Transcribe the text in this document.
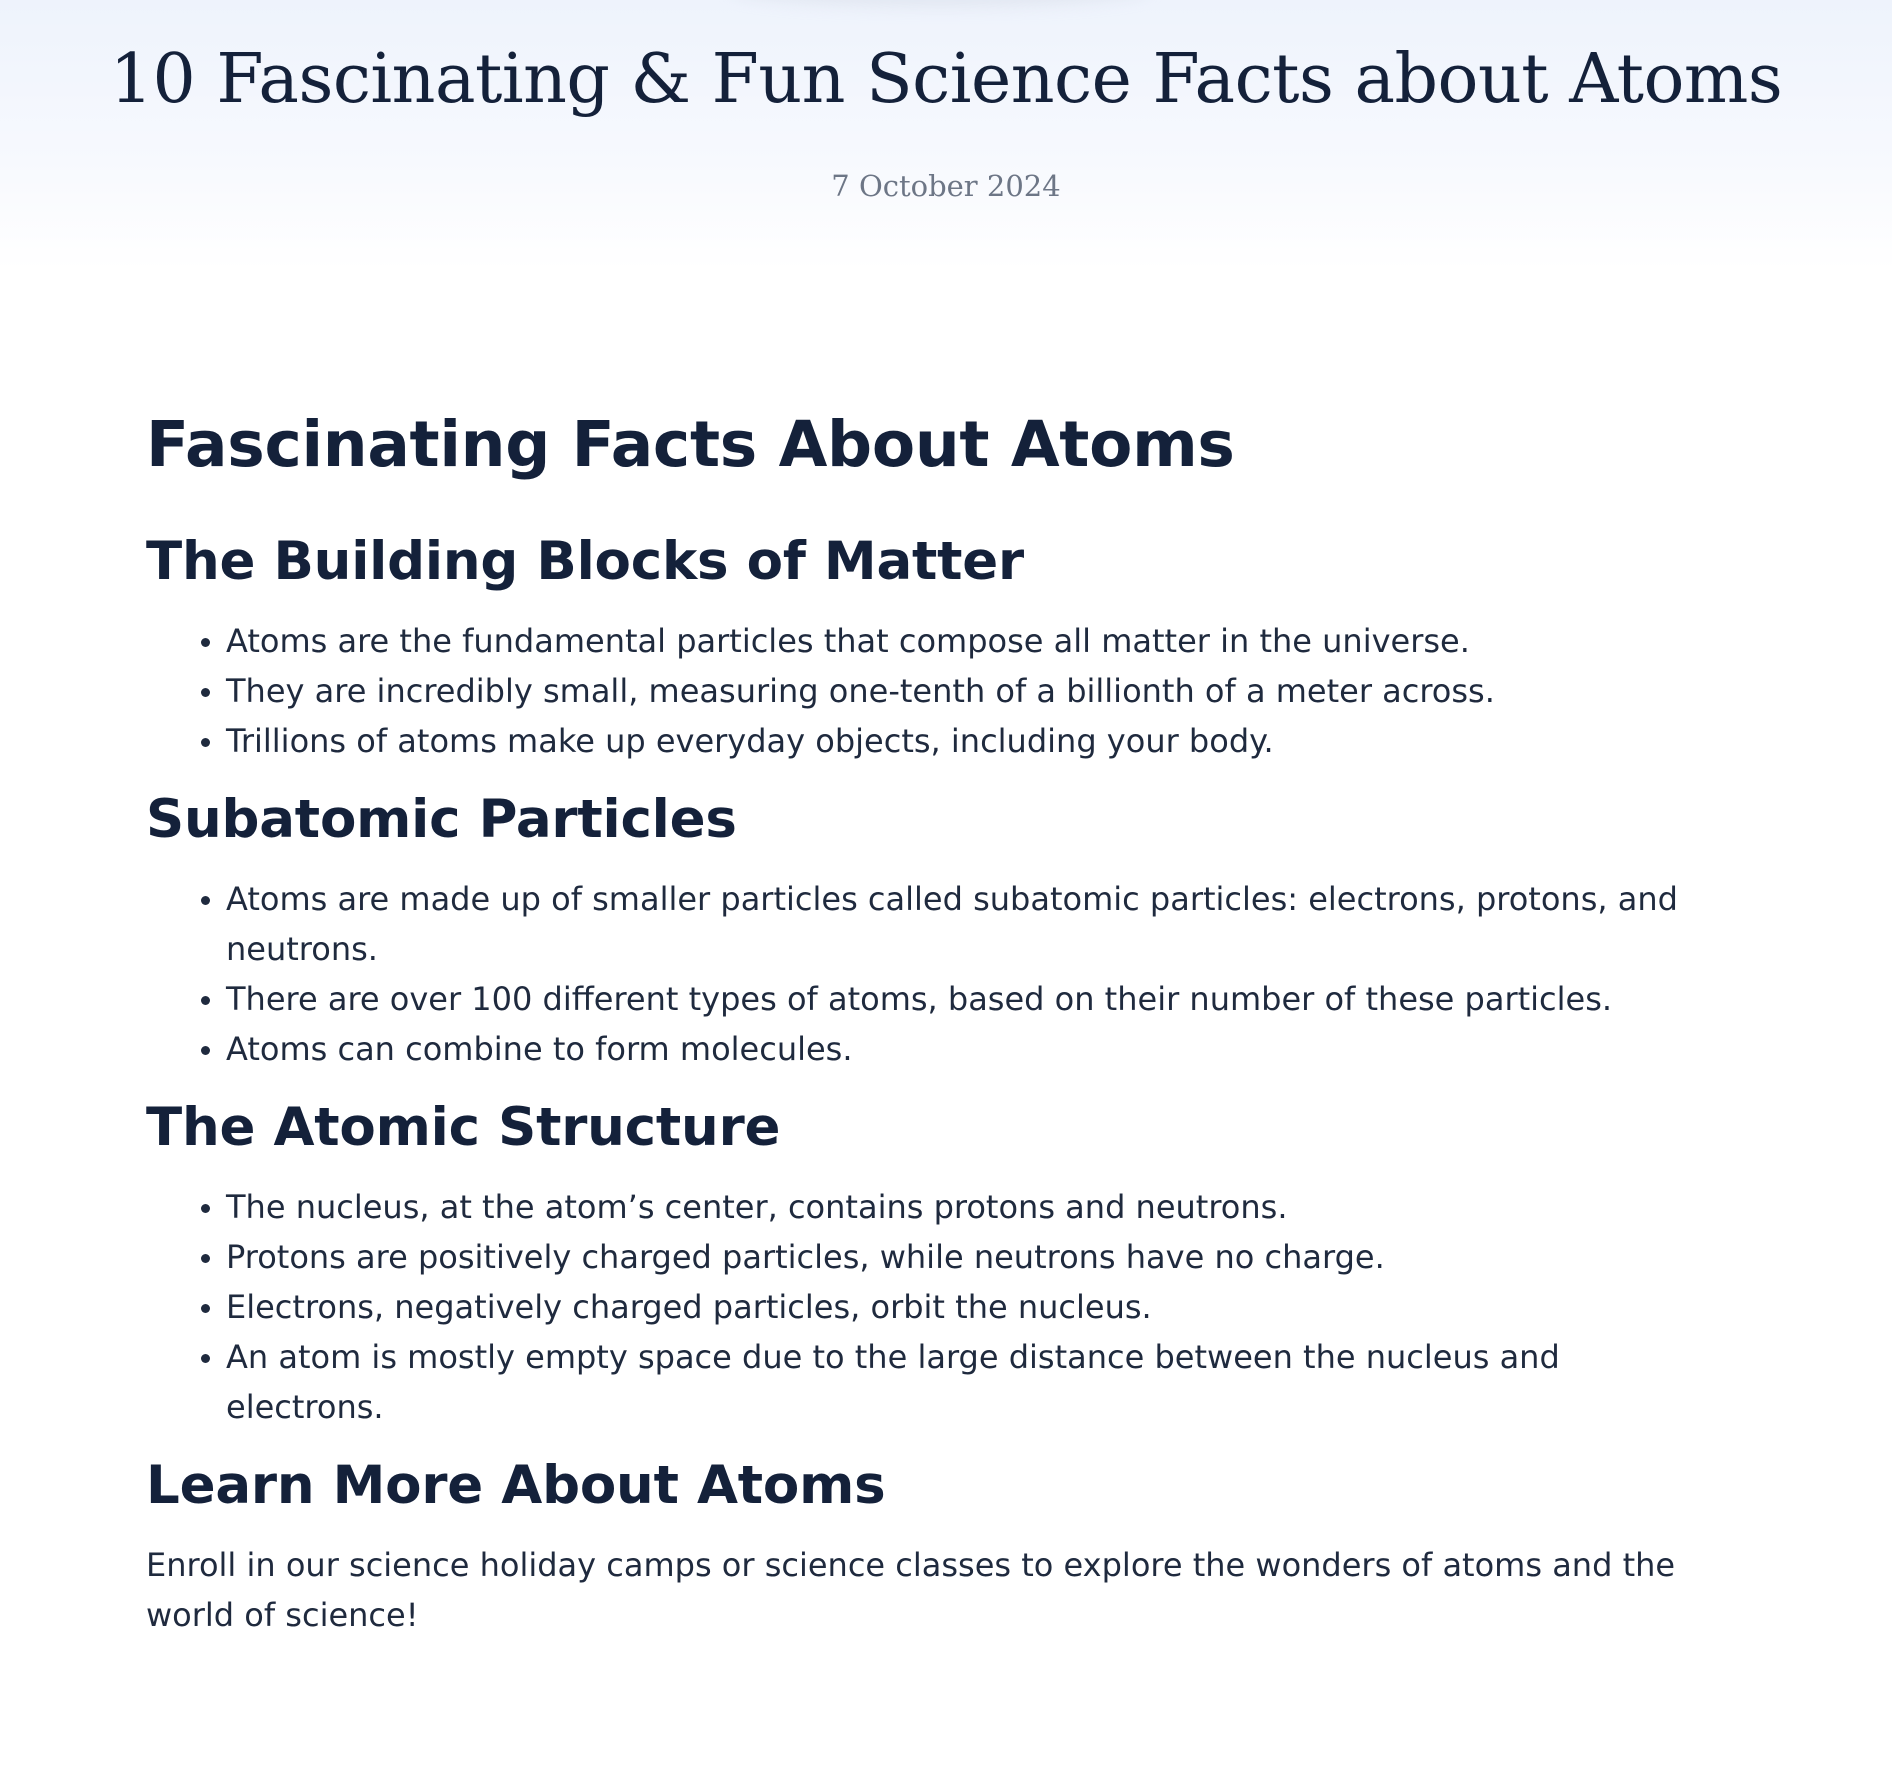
10 Fascinating & Fun Science Facts about Atoms
7 October 2024
Fascinating Facts About Atoms
The Building Blocks of Matter
• Atoms are the fundamental particles that compose all matter in the universe.
• They are incredibly small, measuring one-tenth of a billionth of a meter across.
• Trillions of atoms make up everyday objects, including your body.
Subatomic Particles
• Atoms are made up of smaller particles called subatomic particles: electrons, protons, and neutrons.
• There are over 100 different types of atoms, based on their number of these particles.
• Atoms can combine to form molecules.
The Atomic Structure
• The nucleus, at the atom’s center, contains protons and neutrons.
• Protons are positively charged particles, while neutrons have no charge.
• Electrons, negatively charged particles, orbit the nucleus.
• An atom is mostly empty space due to the large distance between the nucleus and electrons.
Learn More About Atoms

Enroll in our science holiday camps or science classes to explore the wonders of atoms and the world of science!
